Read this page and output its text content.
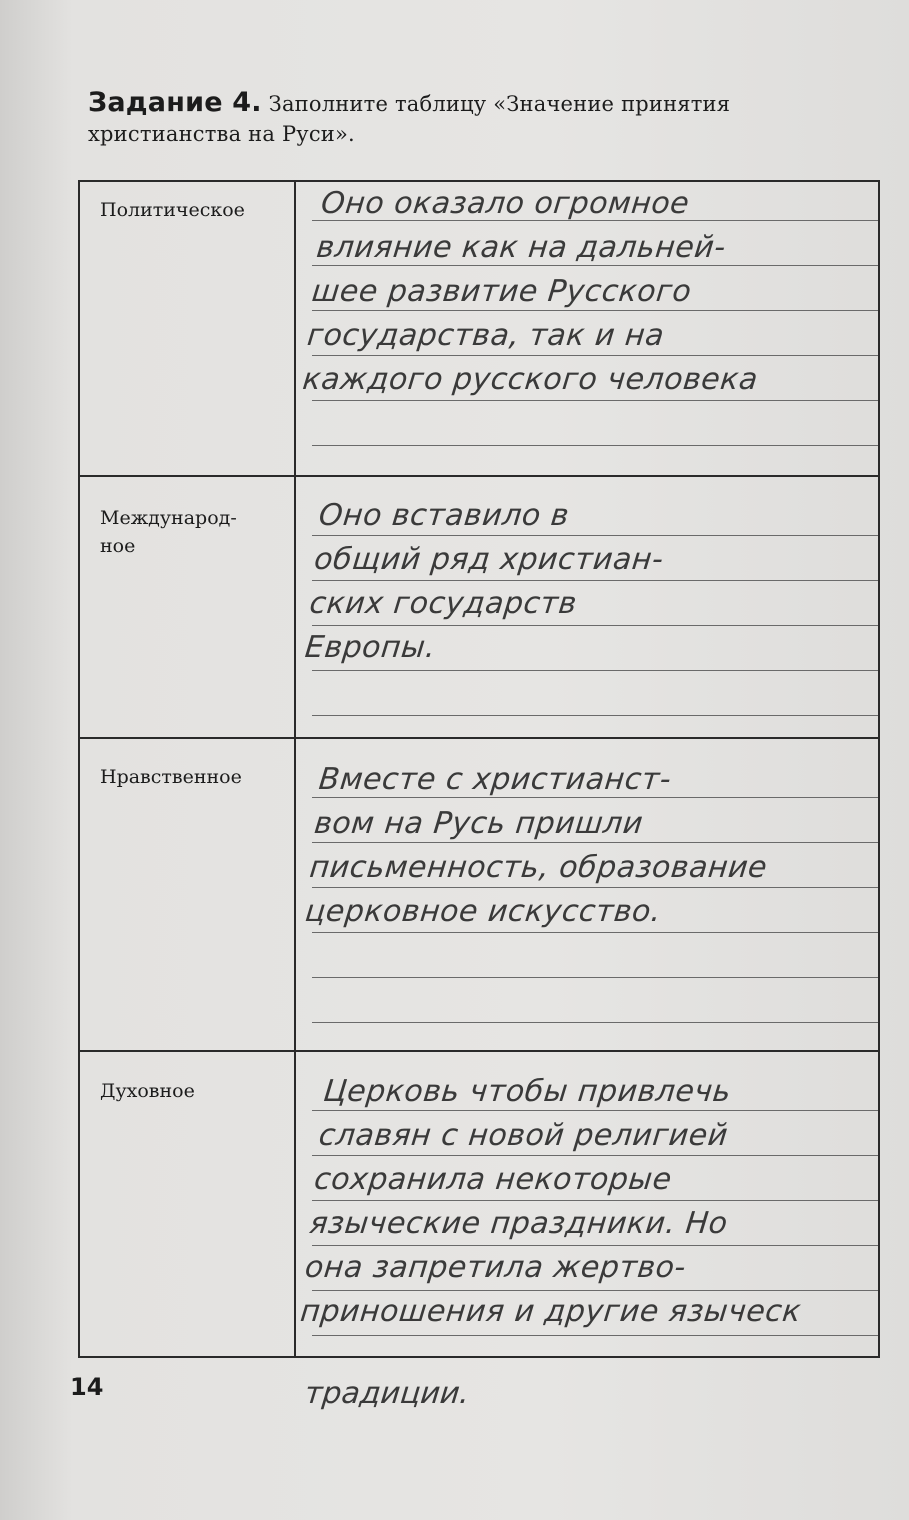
Задание 4. Заполните таблицу «Значение принятия христианства на Руси».
Политическое
Международ-
ное
Нравственное
Духовное
Оно оказало огромное
влияние как на дальней-
шее развитие Русского
государства, так и на
каждого русского человека
Оно вставило в
общий ряд христиан-
ских государств
Европы.
Вместе с христианст-
вом на Русь пришли
письменность, образование
церковное искусство.
Церковь чтобы привлечь
славян с новой религией
сохранила некоторые
языческие праздники. Но
она запретила жертво-
приношения и другие языческ
традиции.
14
